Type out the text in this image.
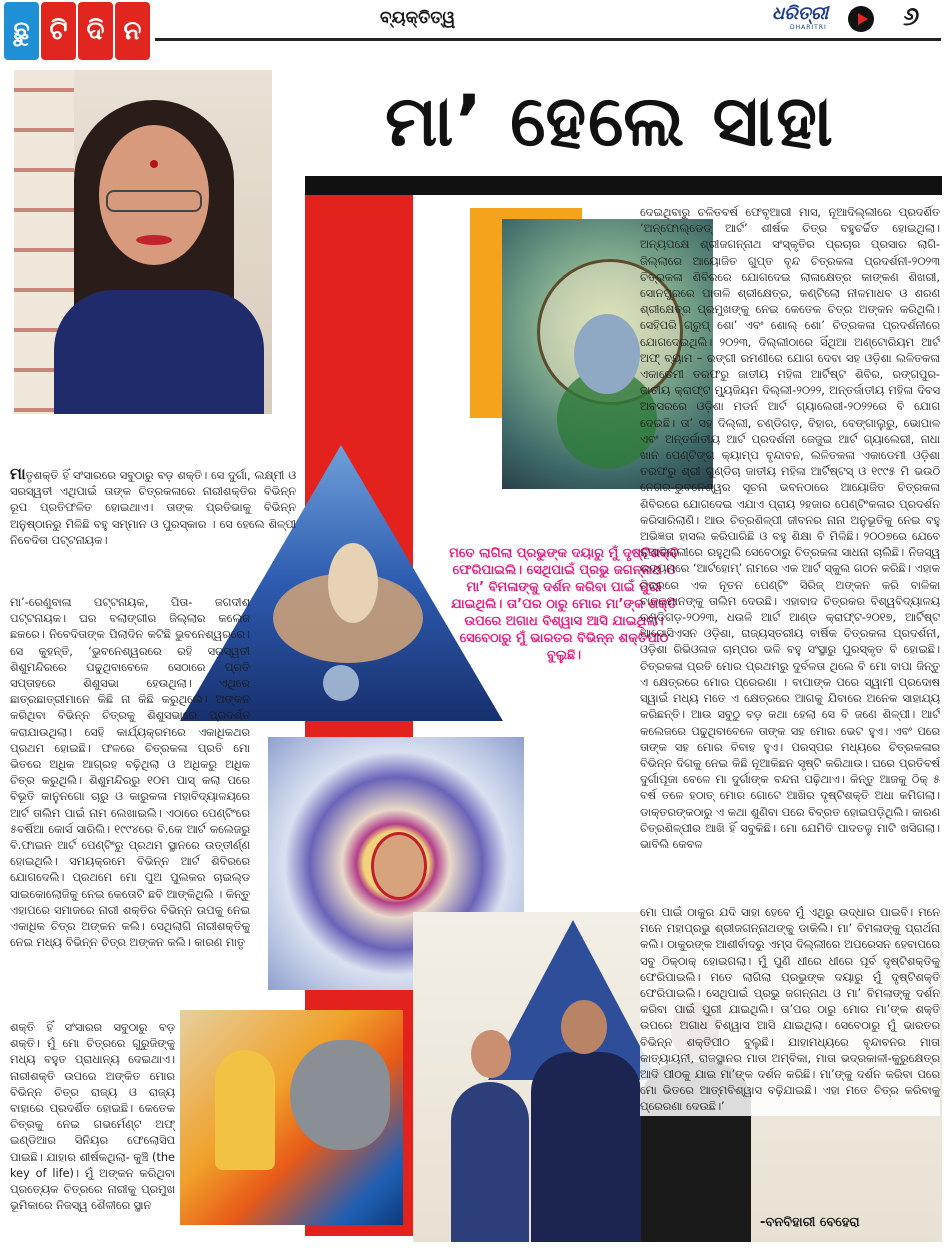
ଛୁ ଟି ଦି ନ	ବ୍ୟକ୍ତିତ୍ୱ	ଧରିତ୍ରୀ
DHARITRI	୬
ମା’ ହେଲେ ସାହା
ମତେ ଲାଗିଲା ପ୍ରଭୁଙ୍କ ଦୟାରୁ ମୁଁ ଦୃଷ୍ଟିଶକ୍ତି ଫେରିପାଇଲି। ସେଥିପାଇଁ ପ୍ରଭୁ ଜଗନ୍ନାଥ ଓ ମା’ ବିମଳାଙ୍କୁ ଦର୍ଶନ କରିବା ପାଇଁ ପୁରୀ ଯାଇଥିଲି। ତା’ପର ଠାରୁ ମୋର ମା’ଙ୍କ ଶକ୍ତି ଉପରେ ଅଗାଧ ବିଶ୍ୱାସ ଆସି ଯାଇଥିଲା। ସେବେଠାରୁ ମୁଁ ଭାରତର ବିଭିନ୍ନ ଶକ୍ତିପୀଠ ବୁଲୁଛି।

ମାତୃଶକ୍ତି ହିଁ ସଂସାରରେ ସବୁଠାରୁ ବଡ଼ ଶକ୍ତି। ସେ ଦୁର୍ଗା, ଲକ୍ଷ୍ମୀ ଓ ସରସ୍ୱତୀ ଏଥିପାଇଁ ତାଙ୍କ ଚିତ୍ରକଳାରେ ନାରୀଶକ୍ତିର ବିଭିନ୍ନ ରୂପ ପ୍ରତିଫଳିତ ହୋଇଥାଏ। ତାଙ୍କ ପ୍ରତିଭାକୁ ବିଭିନ୍ନ ଅନୁଷ୍ଠାନରୁ ମିଳିଛି ବହୁ ସମ୍ମାନ ଓ ପୁରସ୍କାର । ସେ ହେଲେ ଶିଳ୍ପୀ ନିବେଦିତା ପଟ୍ଟନାୟକ।

ମା’-ରେଣୁବାଳା ପଟ୍ଟନାୟକ, ପିତା- ଜଗଦୀଶ ପଟ୍ଟନାୟକ। ଘର ବଲାଙ୍ଗୀର ଜିଲ୍ଲାର କଲେଜ ଛକରେ। ନିବେଦିତାଙ୍କ ପିଲାଦିନ କଟିଛି ଭୁବନେଶ୍ୱରରେ। ସେ କୁହନ୍ତି, ‘ଭୁବନେଶ୍ୱରରେ ରହି ସରସ୍ୱତୀ ଶିଶୁମନ୍ଦିରରେ ପଢୁଥିବାବେଳେ ସେଠାରେ ପ୍ରତି ସପ୍ତାହରେ ଶିଶୁସଭା ହେଉଥିଲା। ଏଥିରେ ଛାତ୍ରଛାତ୍ରୀମାନେ କିଛି ନା କିଛି କରୁଥିଲେ। ଅଙ୍କନ କରିଥିବା ବିଭିନ୍ନ ଚିତ୍ରକୁ ଶିଶୁସଭାରେ ପ୍ରଦର୍ଶନ କରାଯାଉଥିଲା। ସେହି କାର୍ଯ୍ୟକ୍ରମରେ ଏକାଧିକଥର ପ୍ରଥମ ହୋଇଛି। ଫଳରେ ଚିତ୍ରକଳା ପ୍ରତି ମୋ ଭିତରେ ଅଧିକ ଆଗ୍ରହ ବଢ଼ିଥିଲା ଓ ଅଧିକରୁ ଅଧିକ ଚିତ୍ର କରୁଥିଲି। ଶିଶୁମନ୍ଦିରରୁ ୧୦ମ ପାସ୍ କଲା ପରେ ବିଭୂତି କାନୁନଗୋ ଚାରୁ ଓ କାରୁକଳା ମହାବିଦ୍ୟାଳୟରେ ଆର୍ଟ ତାଲିମ ପାଇଁ ନାମ ଲେଖାଇଲି। ଏଠାରେ ପେଣ୍ଟିଂରେ ୫ବର୍ଷିଆ କୋର୍ସ ସାରିଲି। ୧୯୯୪ରେ ବି.କେ ଆର୍ଟ କଲେଜରୁ ବି.ଫାଇନ ଆର୍ଟ ପେଣ୍ଟିଂରୁ ପ୍ରଥମ ସ୍ଥାନରେ ଉତ୍ତୀର୍ଣ୍ଣ ହୋଇଥିଲି। ସମୟକ୍ରମେ ବିଭିନ୍ନ ଆର୍ଟ ଶିବିରରେ ଯୋଗଦେଲି। ପ୍ରଥମେ ମୋ ପୁଅ ପୁଲକର ଚାଇଲ୍ଡ ସାଇକୋଲୋଜିକୁ ନେଇ କେତୋଟି ଛବି ଆଙ୍କିଥିଲି । କିନ୍ତୁ ଏହାପରେ ସମାଜରେ ନାରୀ ଶକ୍ତିର ବିଭିନ୍ନ ଉପକୁ ନେଇ ଏକାଧିକ ଚିତ୍ର ଅଙ୍କନ କଲି। ସେଥିଲାଗି ନାରୀଶକ୍ତିକୁ ନେଇ ମଧ୍ୟ ବିଭିନ୍ନ ଚିତ୍ର ଅଙ୍କନ କଲି। କାରଣ ମାତୃ

ଶକ୍ତି ହିଁ ସଂସାରର ସବୁଠାରୁ ବଡ଼ ଶକ୍ତି। ମୁଁ ମୋ ଚିତ୍ରରେ ଗୁରୁଜିଙ୍କୁ ମଧ୍ୟ ବହୁତ ପ୍ରାଧାନ୍ୟ ଦେଇଥାଏ। ନାରୀଶକ୍ତି ଉପରେ ଅଙ୍କିତ ମୋର ବିଭିନ୍ନ ଚିତ୍ର ରାଜ୍ୟ ଓ ରାଜ୍ୟ ବାହାରେ ପ୍ରଦର୍ଶିତ ହୋଇଛି। କେତେକ ଚିତ୍ରକୁ ନେଇ ଗଭର୍ମେଣ୍ଟ ଅଫ୍ ଇଣ୍ଡିଆର ସିନିୟର ଫେଲୋସିପ ପାଇଛି। ଯାହାର ଶୀର୍ଷକଥିଲା- କୁଞ୍ଚି (the key of life)। ମୁଁ ଅଙ୍କନ କରିଥିବା ପ୍ରତ୍ୟେକ ଚିତ୍ରରେ ନାରୀକୁ ପ୍ରମୁଖ ଭୂମିକାରେ ନିଜସ୍ୱ ଶୈଳୀରେ ସ୍ଥାନ

ଦେଇଥିବାରୁ ଚଳିତବର୍ଷ ଫେବୃଆରୀ ମାସ, ନୂଆଦିଲ୍ଲୀରେ ପ୍ରଦର୍ଶିତ ‘ଅନ୍‌ଫୋଲ୍‌ଡେଡ୍ ଆର୍ଟ’ ଶୀର୍ଷକ ଚିତ୍ର ବହୁଚର୍ଚ୍ଚିତ ହୋଇଥିଲା। ଅନ୍ୟପକ୍ଷେ ଶ୍ରୀଜଗନ୍ନାଥ ସଂସ୍କୃତିର ପ୍ରଚାର ପ୍ରସାର ଲାଗି-ଜିଲ୍ଲାରେ ଆୟୋଜିତ ଗୁପ୍ତ ବୃନ୍ଦ ଚିତ୍ରକଳା ପ୍ରଦର୍ଶନୀ-୨୦୨୩ ଚିତ୍ରକଳା ଶିବିରରେ ଯୋଗଦେଇ ଲାଳାକ୍ଷେତ୍ର କାଙ୍କଣ ଶିଖରୀ, ସୋନପୁରରେ ପାତାଳି ଶ୍ରୀକ୍ଷେତ୍ର, କଣ୍ଟିଲୋ ନୀଳମାଧବ ଓ ଶରଣ ଶ୍ରୀକ୍ଷେତ୍ର ପ୍ରମୁଖଙ୍କୁ ନେଇ କେତେକ ଚିତ୍ର ଅଙ୍କନ କରିଥିଲି। ସେହିପରି ଗ୍ରୁପ୍ ଶୋ’ ଏବଂ ଶୋଲ୍ ଶୋ’ ଚିତ୍ରକଳା ପ୍ରଦର୍ଶନୀରେ ଯୋଗଦେଇଥିଲି। ୨୦୨୩, ଦିଲ୍ଲୀଠାରେ ସିଁଥିଆ ଅଣ୍ଟୋରିୟମ ଆର୍ଟ ଅଫ୍ ବ୍ୟାମ – ରଙ୍ଗୀ ରମଣୀରେ ଯୋଗ ଦେବା ସହ ଓଡ଼ିଶା ଲଳିତକଳା ଏକାଡେମୀ ତରଫରୁ ଜାତୀୟ ମହିଳା ଆର୍ଟିଷ୍ଟ ଶିବିର, ରଙ୍ଗପୁର- ଜାତୀୟ କ୍ରାଫ୍ଟ ମ୍ୟୁଜିୟମ ଦିଲ୍ଲୀ-୨୦୨୨, ଅନ୍ତର୍ଜାତୀୟ ମହିଳା ଦିବସ ଅବସରରେ ଓଡ଼ିଶା ମଡର୍ନ ଆର୍ଟ ଗ୍ୟାଲେରୀ-୨୦୨୨ରେ ବି ଯୋଗ ଦେଇଛି। ତା’ ସହ ଦିଲ୍ଲୀ, ଚଣ୍ଡିଗଡ଼, ବିହାର, ବେଙ୍ଗାଲୁରୁ, ଭୋପାଳ ଏବଂ ଅନ୍ତର୍ଜାତୀୟ ଆର୍ଟ ପ୍ରଦର୍ଶନୀ ଜେଜୁଇ ଆର୍ଟ ଗ୍ୟାଲେରୀ, ନାଧା ଖାନ ପେଣ୍ଟିଙ୍ଗ କ୍ୟାମ୍ପ ବୃନ୍ଦାବନ, ଲଳିତକଳା ଏକାଡେମୀ ଓଡ଼ିଶା ତରଫରୁ ଶ୍ରୀ ଗୁଣ୍ଡିଚା ଜାତୀୟ ମହିଳା ଆର୍ଟିଷ୍ଟସ୍ ଓ ୧୯୯୫ ମି ଭଉଠି ନେଗର-ଭୁବନେଶ୍ୱର ସୂଚନା ଭବନଠାରେ ଆୟୋଜିତ ଚିତ୍ରକଳା ଶିବିରରେ ଯୋଗଦେଇ ଏଯାଏ ପ୍ରାୟ ୨ହଜାର ପେଣ୍ଟିଂକଳାର ପ୍ରଦର୍ଶନ କରିସାରିଲାଣି। ଆଉ ଚିତ୍ରଶିଳ୍ପୀ ଜୀବନର ନାନା ଅନୁଭୂତିକୁ ନେଇ ବହୁ ଅଭିଜ୍ଞତା ହାସଲ କରିପାରିଛି ଓ ବହୁ ଶିକ୍ଷା ବି ମିଳିଛି। ୨୦୦୭ରେ ଯେବେ ନୂଆଦିଲ୍ଲୀରେ ରହୁଥିଲି ସେବେଠାରୁ ଚିତ୍ରକଳା ସାଧନା ଚାଲିଛି। ନିଜସ୍ୱ ଉଦ୍ୟମରେ ‘ଆର୍ଟହୋମ୍’ ନାମରେ ଏକ ଆର୍ଟ ସ୍କୁଲ ଗଠନ କରିଛି। ଏହାକ ଚିତ୍ରରେ ଏକ ନୂତନ ପେଣ୍ଟିଂ ସିରିଜ୍ ଅଙ୍କନ କରି ବାଳିକା ବାଳକମାନଙ୍କୁ ତାଲିମ ଦେଉଛି। ଏହାବାଦ ଚିତ୍ରକର ବିଶ୍ୱବିଦ୍ୟାଳୟ ଚଣ୍ଡିଗଡ଼-୨୦୨୩, ଧଉଳି ଆର୍ଟ ଆଣ୍ଡ କ୍ରାଫ୍ଟ-୨୦୧୭, ଆର୍ଟିଷ୍ଟ ଆସୋସିଏସନ ଓଡ଼ିଶା, ରାଜ୍ୟସ୍ତରୀୟ ବାର୍ଷିକ ଚିତ୍ରକଳା ପ୍ରଦର୍ଶନୀ, ଓଡ଼ିଶା ରିଭିଓଳାଳ ଚାମ୍ପର ଭଳି ବହୁ ସଂସ୍ଥାରୁ ପୁରସ୍କୃତ ବି ହୋଇଛି। ଚିତ୍ରକଳା ପ୍ରତି ମୋର ପ୍ରଥମରୁ ଦୁର୍ବଳତା ଥିଲେ ବି ମୋ ବାପା ଜିନ୍ତୁ ଏ କ୍ଷେତ୍ରରେ ମୋର ପ୍ରେରଣା । ବାପାଙ୍କ ପରେ ସ୍ୱାମୀ ପ୍ରଦୋଷ ସ୍ୱାଇଁ ମଧ୍ୟ ମତେ ଏ କ୍ଷେତ୍ରରେ ଆଗକୁ ଯିବାରେ ଅନେକ ସାହାଯ୍ୟ କରିଛନ୍ତି। ଆଉ ସବୁଠୁ ବଡ଼ କଥା ହେଲା ସେ ବି ଜଣେ ଶିଳ୍ପୀ। ଆର୍ଟ କଲେଜରେ ପଢୁଥିବାବେଳେ ତାଙ୍କ ସହ ମୋର ଭେଟ ହୁଏ। ଏବଂ ପରେ ତାଙ୍କ ସହ ମୋର ବିବାହ ହୁଏ। ପରସ୍ପର ମଧ୍ୟରେ ଚିତ୍ରକଳାର ବିଭିନ୍ନ ଦିଗକୁ ନେଇ କିଛି ନୂଆକିଛନ ସୃଷ୍ଟି କରିଥାଉ। ଘରେ ପ୍ରତିବର୍ଷ ଦୁର୍ଗାପୂଜା ବେଳେ ମା ଦୁର୍ଗାଙ୍କ ବନ୍ଦନା ପଢ଼ିଥାଏ। କିନ୍ତୁ ଆଜକୁ ଠିକ୍ ୫ ବର୍ଷ ତଳେ ହଠାତ୍ ମୋର ଗୋଟେ ଆଖିର ଦୃଷ୍ଟିଶକ୍ତି ଅଧା କମିଗଲା। ଡାକ୍ତରଙ୍କଠାରୁ ଏ କଥା ଶୁଣିବା ପରେ ବିବ୍ରତ ହୋଇପଡ଼ିଥିଲି। କାରଣ ଚିତ୍ରଶିଳ୍ପୀର ଆଖି ହିଁ ସବୁକିଛି। ମୋ ଯେମିତି ପାଦତଳୁ ମାଟି ଖସିଗଲା। ଭାବିଲି କେବଳ

ମୋ ପାଇଁ ଠାକୁର ଯଦି ସାହା ହେବେ ମୁଁ ଏଥିରୁ ଉଦ୍ଧାର ପାଇବି। ମନେ ମନେ ମହାପ୍ରଭୁ ଶ୍ରୀଜଗନ୍ନାଥଙ୍କୁ ଡାକିଲି। ମା’ ବିମଳାଙ୍କୁ ପ୍ରାର୍ଥନା କଲି। ଠାକୁରଙ୍କ ଆଶୀର୍ବାଦରୁ ଏମ୍ସ ଦିଲ୍ଲୀରେ ଅପରେସନ ହେବାପରେ ସବୁ ଠିକ୍‌ଠାକ୍ ହୋଇଗଲା। ମୁଁ ପୁଣି ଧୀରେ ଧୀରେ ପୂର୍ବ ଦୃଷ୍ଟିଶକ୍ତିକୁ ଫେରିପାଇଲି। ମତେ ଲାଗିଲା ପ୍ରଭୁଙ୍କ ଦୟାରୁ ମୁଁ ଦୃଷ୍ଟିଶକ୍ତି ଫେରିପାଇଲି। ସେଥିପାଇଁ ପ୍ରଭୁ ଜଗନ୍ନାଥ ଓ ମା’ ବିମଳାଙ୍କୁ ଦର୍ଶନ କରିବା ପାଇଁ ପୁରୀ ଯାଇଥିଲି। ତା’ପର ଠାରୁ ମୋର ମା’ଙ୍କ ଶକ୍ତି ଉପରେ ଅଗାଧ ବିଶ୍ୱାସ ଆସି ଯାଇଥିଲା। ସେବେଠାରୁ ମୁଁ ଭାରତର ବିଭିନ୍ନ ଶକ୍ତିପୀଠ ବୁଲୁଛି। ଯାହାମଧ୍ୟରେ ବୃନ୍ଦାବନର ମାତା କାତ୍ୟାୟନୀ, ରାଜସ୍ଥାନର ମାତା ଅମ୍ବିକା, ମାତା ଭଦ୍ରକାଳୀ-କୁରୁକ୍ଷେତ୍ର ଆଦି ପୀଠକୁ ଯାଇ ମା’ଙ୍କ ଦର୍ଶନ କରିଛି। ମା’ଙ୍କୁ ଦର୍ଶନ କରିବା ପରେ ମୋ ଭିତରେ ଆତ୍ମବିଶ୍ୱାସ ବଢ଼ିଯାଇଛି। ଏହା ମତେ ଚିତ୍ର କରିବାକୁ ପ୍ରେରଣା ଦେଉଛି।’

-ବନବିହାରୀ ବେହେରା
